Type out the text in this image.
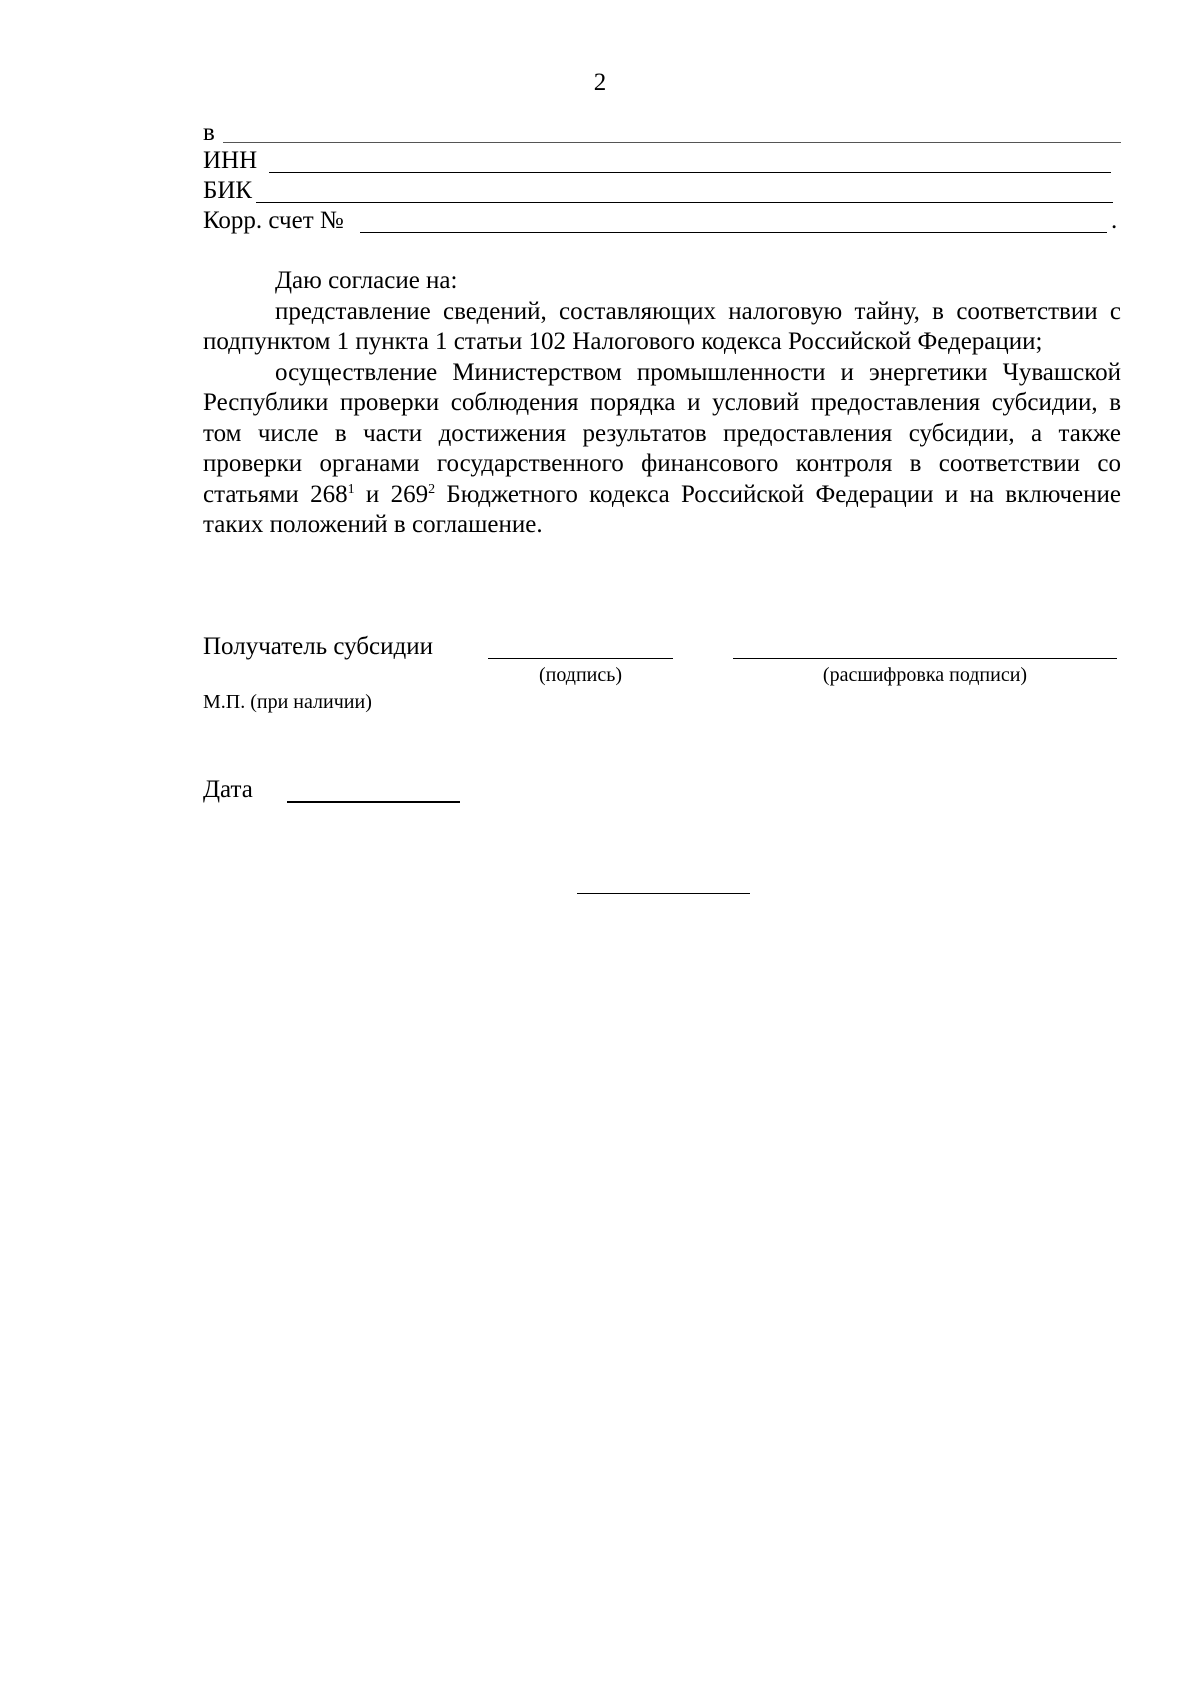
2
в
ИНН
БИК
Корр. счет №	.

Даю согласие на:

представление сведений, составляющих налоговую тайну, в соответствии с подпунктом 1 пункта 1 статьи 102 Налогового кодекса Российской Федерации;

осуществление Министерством промышленности и энергетики Чувашской Республики проверки соблюдения порядка и условий предоставления субсидии, в том числе в части достижения результатов предоставления субсидии, а также проверки органами государственного финансового контроля в соответствии со статьями $268^1$ и $269^2$ Бюджетного кодекса Российской Федерации и на включение таких положений в соглашение.

Получатель субсидии
(подпись)	(расшифровка подписи)
М.П. (при наличии)
Дата
